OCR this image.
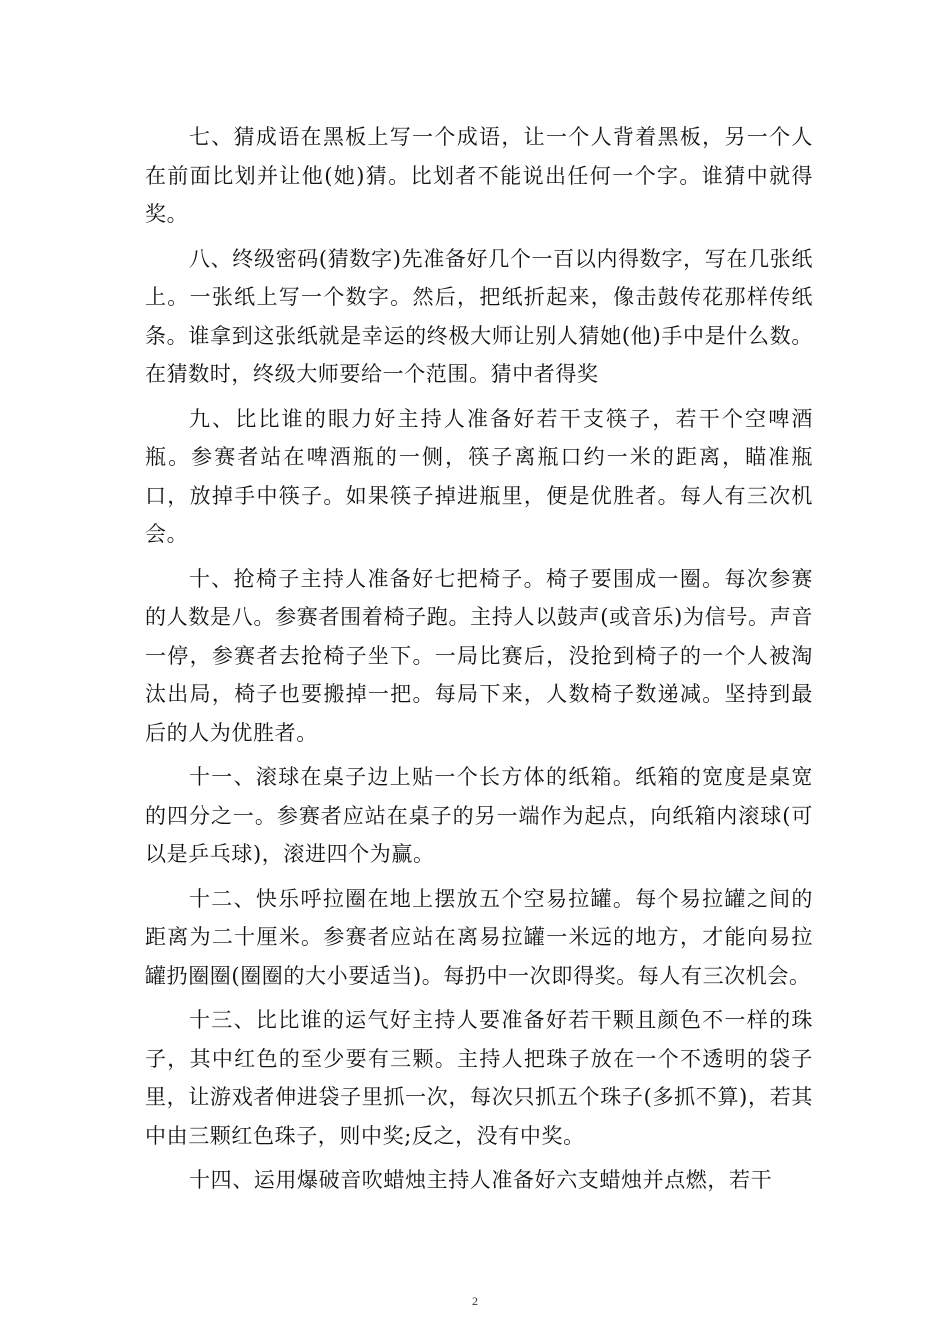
七、猜成语在黑板上写一个成语，让一个人背着黑板，另一个人在前面比划并让他(她)猜。比划者不能说出任何一个字。谁猜中就得奖。

八、终级密码(猜数字)先准备好几个一百以内得数字，写在几张纸上。一张纸上写一个数字。然后，把纸折起来，像击鼓传花那样传纸条。谁拿到这张纸就是幸运的终极大师让别人猜她(他)手中是什么数。在猜数时，终级大师要给一个范围。猜中者得奖

九、比比谁的眼力好主持人准备好若干支筷子，若干个空啤酒瓶。参赛者站在啤酒瓶的一侧，筷子离瓶口约一米的距离，瞄准瓶口，放掉手中筷子。如果筷子掉进瓶里，便是优胜者。每人有三次机会。

十、抢椅子主持人准备好七把椅子。椅子要围成一圈。每次参赛的人数是八。参赛者围着椅子跑。主持人以鼓声(或音乐)为信号。声音一停，参赛者去抢椅子坐下。一局比赛后，没抢到椅子的一个人被淘汰出局，椅子也要搬掉一把。每局下来，人数椅子数递减。坚持到最后的人为优胜者。

十一、滚球在桌子边上贴一个长方体的纸箱。纸箱的宽度是桌宽的四分之一。参赛者应站在桌子的另一端作为起点，向纸箱内滚球(可以是乒乓球)，滚进四个为赢。

十二、快乐呼拉圈在地上摆放五个空易拉罐。每个易拉罐之间的距离为二十厘米。参赛者应站在离易拉罐一米远的地方，才能向易拉罐扔圈圈(圈圈的大小要适当)。每扔中一次即得奖。每人有三次机会。

十三、比比谁的运气好主持人要准备好若干颗且颜色不一样的珠子，其中红色的至少要有三颗。主持人把珠子放在一个不透明的袋子里，让游戏者伸进袋子里抓一次，每次只抓五个珠子(多抓不算)，若其中由三颗红色珠子，则中奖;反之，没有中奖。

十四、运用爆破音吹蜡烛主持人准备好六支蜡烛并点燃，若干

2
